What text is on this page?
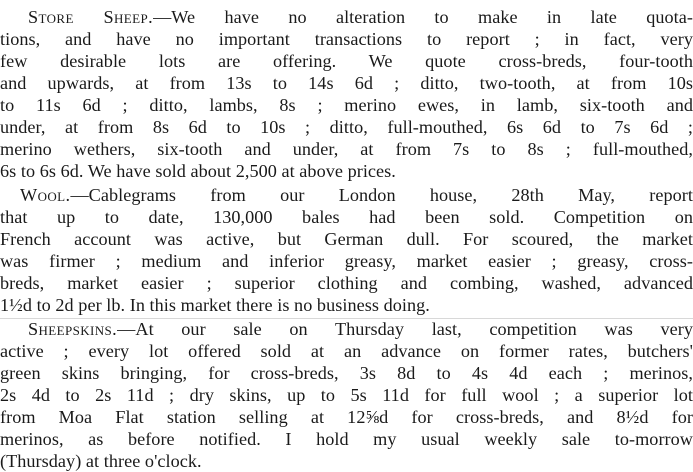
Store Sheep.—We have no alteration to make in late quota-
tions, and have no important transactions to report ; in fact, very
few desirable lots are offering. We quote cross-breds, four-tooth
and upwards, at from 13s to 14s 6d ; ditto, two-tooth, at from 10s
to 11s 6d ; ditto, lambs, 8s ; merino ewes, in lamb, six-tooth and
under, at from 8s 6d to 10s ; ditto, full-mouthed, 6s 6d to 7s 6d ;
merino wethers, six-tooth and under, at from 7s to 8s ; full-mouthed,
6s to 6s 6d. We have sold about 2,500 at above prices.
Wool.—Cablegrams from our London house, 28th May, report
that up to date, 130,000 bales had been sold. Competition on
French account was active, but German dull. For scoured, the market
was firmer ; medium and inferior greasy, market easier ; greasy, cross-
breds, market easier ; superior clothing and combing, washed, advanced
1½d to 2d per lb. In this market there is no business doing.
Sheepskins.—At our sale on Thursday last, competition was very
active ; every lot offered sold at an advance on former rates, butchers'
green skins bringing, for cross-breds, 3s 8d to 4s 4d each ; merinos,
2s 4d to 2s 11d ; dry skins, up to 5s 11d for full wool ; a superior lot
from Moa Flat station selling at 12⅝d for cross-breds, and 8½d for
merinos, as before notified. I hold my usual weekly sale to-morrow
(Thursday) at three o'clock.
